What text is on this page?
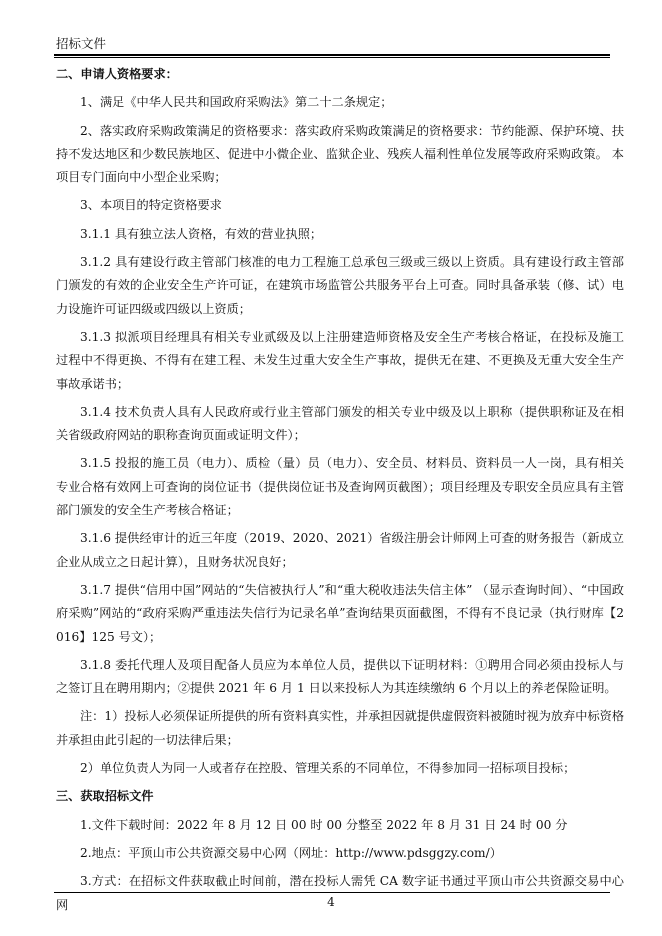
招标文件

二、申请人资格要求：

1、满足《中华人民共和国政府采购法》第二十二条规定；

2、落实政府采购政策满足的资格要求：落实政府采购政策满足的资格要求：节约能源、保护环境、扶持不发达地区和少数民族地区、促进中小微企业、监狱企业、残疾人福利性单位发展等政府采购政策。 本项目专门面向中小型企业采购；

3、本项目的特定资格要求

3.1.1 具有独立法人资格，有效的营业执照；

3.1.2 具有建设行政主管部门核准的电力工程施工总承包三级或三级以上资质。具有建设行政主管部门颁发的有效的企业安全生产许可证，在建筑市场监管公共服务平台上可查。同时具备承装（修、试）电力设施许可证四级或四级以上资质；

3.1.3 拟派项目经理具有相关专业贰级及以上注册建造师资格及安全生产考核合格证，在投标及施工过程中不得更换、不得有在建工程、未发生过重大安全生产事故，提供无在建、不更换及无重大安全生产事故承诺书；

3.1.4 技术负责人具有人民政府或行业主管部门颁发的相关专业中级及以上职称（提供职称证及在相关省级政府网站的职称查询页面或证明文件）；

3.1.5 投报的施工员（电力）、质检（量）员（电力）、安全员、材料员、资料员一人一岗，具有相关专业合格有效网上可查询的岗位证书（提供岗位证书及查询网页截图）；项目经理及专职安全员应具有主管部门颁发的安全生产考核合格证；

3.1.6 提供经审计的近三年度（2019、2020、2021）省级注册会计师网上可查的财务报告（新成立企业从成立之日起计算），且财务状况良好；

3.1.7 提供“信用中国”网站的“失信被执行人”和“重大税收违法失信主体” （显示查询时间）、“中国政府采购”网站的“政府采购严重违法失信行为记录名单”查询结果页面截图，不得有不良记录（执行财库【2016】125 号文）；

3.1.8 委托代理人及项目配备人员应为本单位人员，提供以下证明材料：①聘用合同必须由投标人与之签订且在聘用期内；②提供 2021 年 6 月 1 日以来投标人为其连续缴纳 6 个月以上的养老保险证明。

注：1）投标人必须保证所提供的所有资料真实性，并承担因就提供虚假资料被随时视为放弃中标资格并承担由此引起的一切法律后果；

2）单位负责人为同一人或者存在控股、管理关系的不同单位，不得参加同一招标项目投标；

三、获取招标文件

1.文件下载时间：2022 年 8 月 12 日 00 时 00 分整至 2022 年 8 月 31 日 24 时 00 分

2.地点：平顶山市公共资源交易中心网（网址：http://www.pdsggzy.com/）

3.方式：在招标文件获取截止时间前，潜在投标人需凭 CA 数字证书通过平顶山市公共资源交易中心网	4
